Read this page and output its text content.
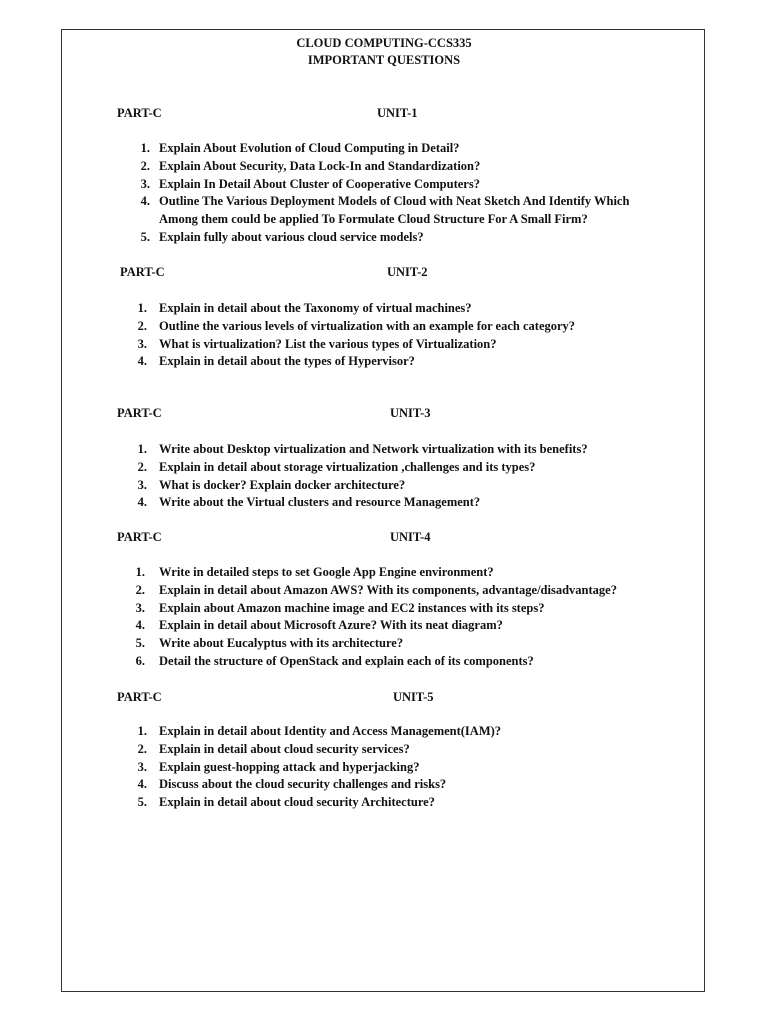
CLOUD COMPUTING-CCS335
IMPORTANT QUESTIONS
PART-C	UNIT-1
1. Explain About Evolution of Cloud Computing in Detail?
2. Explain About Security, Data Lock-In and Standardization?
3. Explain In Detail About Cluster of Cooperative Computers?
4. Outline The Various Deployment Models of Cloud with Neat Sketch And Identify Which
Among them could be applied To Formulate Cloud Structure For A Small Firm?
5. Explain fully about various cloud service models?
PART-C	UNIT-2
1. Explain in detail about the Taxonomy of virtual machines?
2. Outline the various levels of virtualization with an example for each category?
3. What is virtualization? List the various types of Virtualization?
4. Explain in detail about the types of Hypervisor?
PART-C	UNIT-3
1. Write about Desktop virtualization and Network virtualization with its benefits?
2. Explain in detail about storage virtualization ,challenges and its types?
3. What is docker? Explain docker architecture?
4. Write about the Virtual clusters and resource Management?
PART-C	UNIT-4
1. Write in detailed steps to set Google App Engine environment?
2. Explain in detail about Amazon AWS? With its components, advantage/disadvantage?
3. Explain about Amazon machine image and EC2 instances with its steps?
4. Explain in detail about Microsoft Azure? With its neat diagram?
5. Write about Eucalyptus with its architecture?
6. Detail the structure of OpenStack and explain each of its components?
PART-C	UNIT-5
1. Explain in detail about Identity and Access Management(IAM)?
2. Explain in detail about cloud security services?
3. Explain guest-hopping attack and hyperjacking?
4. Discuss about the cloud security challenges and risks?
5. Explain in detail about cloud security Architecture?
